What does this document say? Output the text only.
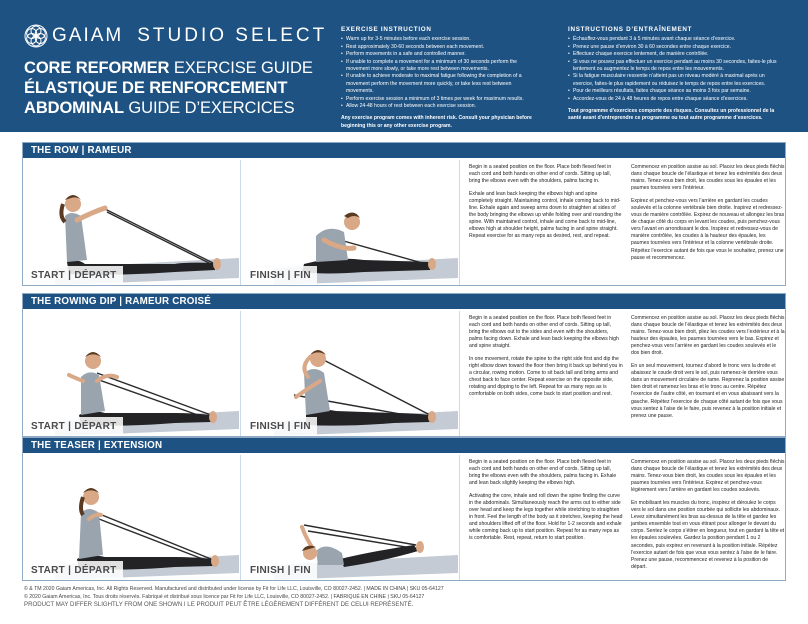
GAIAM STUDIO SELECT
CORE REFORMER EXERCISE GUIDE
ÉLASTIQUE DE RENFORCEMENT
ABDOMINAL GUIDE D’EXERCICES
EXERCISE INSTRUCTION
• Warm up for 3-5 minutes before each exercise session.
• Rest approximately 30-60 seconds between each movement.
• Perform movements in a safe and controlled manner.
• If unable to complete a movement for a minimum of 30 seconds perform the movement more slowly, or take more rest between movements.
• If unable to achieve moderate to maximal fatigue following the completion of a movement perform the movement more quickly, or take less rest between movements.
• Perform exercise session a minimum of 3 times per week for maximum results.
• Allow 24-48 hours of rest between each exercise session.
Any exercise program comes with inherent risk. Consult your physician before beginning this or any other exercise program.
INSTRUCTIONS D’ENTRAÎNEMENT
• Échauffez-vous pendant 3 à 5 minutes avant chaque séance d’exercice.
• Prenez une pause d’environ 30 à 60 secondes entre chaque exercice.
• Effectuez chaque exercice lentement, de manière contrôlée.
• Si vous ne pouvez pas effectuer un exercice pendant au moins 30 secondes, faites-le plus lentement ou augmentez le temps de repos entre les mouvements.
• Si la fatigue musculaire ressentie n’atteint pas un niveau modéré à maximal après un exercice, faites-le plus rapidement ou réduisez le temps de repos entre les exercices.
• Pour de meilleurs résultats, faites chaque séance au moins 3 fois par semaine.
• Accordez-vous de 24 à 48 heures de repos entre chaque séance d’exercices.
Tout programme d’exercices comporte des risques. Consultez un professionnel de la santé avant d’entreprendre ce programme ou tout autre programme d’exercices.
THE ROW | RAMEUR
START | DÉPART	FINISH | FIN

Begin in a seated position on the floor. Place both flexed feet in each cord and both hands on other end of cords. Sitting up tall, bring the elbows even with the shoulders, palms facing in.

Exhale and lean back keeping the elbows high and spine completely straight. Maintaining control, inhale coming back to mid-line. Exhale again and sweep arms down to straighten at sides of the body bringing the elbows up while folding over and rounding the spine. With maintained control, inhale and come back to mid-line, elbows high at shoulder height, palms facing in and spine straight. Repeat exercise for as many reps as desired, rest, and repeat.

Commencez en position assise au sol. Placez les deux pieds fléchis dans chaque boucle de l’élastique et tenez les extrémités des deux mains. Tenez-vous bien droit, les coudes sous les épaules et les paumes tournées vers l’intérieur.

Expirez et penchez-vous vers l’arrière en gardant les coudes soulevés et la colonne vertébrale bien droite. Inspirez et redressez-vous de manière contrôlée. Expirez de nouveau et allongez les bras de chaque côté du corps en levant les coudes, puis penchez-vous vers l’avant en arrondissant le dos. Inspirez et redressez-vous de manière contrôlée, les coudes à la hauteur des épaules, les paumes tournées vers l’intérieur et la colonne vertébrale droite. Répétez l’exercice autant de fois que vous le souhaitez, prenez une pause et recommencez.

THE ROWING DIP | RAMEUR CROISÉ
START | DÉPART	FINISH | FIN

Begin in a seated position on the floor. Place both flexed feet in each cord and both hands on other end of cords. Sitting up tall, bring the elbows out to the sides and even with the shoulders, palms facing down. Exhale and lean back keeping the elbows high and spine straight.

In one movement, rotate the spine to the right side first and dip the right elbow down toward the floor then bring it back up behind you in a circular, rowing motion. Come to sit back tall and bring arms and chest back to face center. Repeat exercise on the opposite side, rotating and dipping to the left. Repeat for as many reps as is comfortable on both sides, come back to start position and rest.

Commencez en position assise au sol. Placez les deux pieds fléchis dans chaque boucle de l’élastique et tenez les extrémités des deux mains. Tenez-vous bien droit, pliez les coudes vers l’extérieur et à la hauteur des épaules, les paumes tournées vers le bas. Expirez et penchez-vous vers l’arrière en gardant les coudes soulevés et le dos bien droit.

En un seul mouvement, tournez d’abord le tronc vers la droite et abaissez le coude droit vers le sol, puis ramenez-le derrière vous dans un mouvement circulaire de rame. Reprenez la position assise bien droit et ramenez les bras et le tronc au centre. Répétez l’exercice de l’autre côté, en tournant et en vous abaissant vers la gauche. Répétez l’exercice de chaque côté autant de fois que vous vous sentez à l’aise de le faire, puis revenez à la position initiale et prenez une pause.

THE TEASER | EXTENSION
START | DÉPART	FINISH | FIN

Begin in a seated position on the floor. Place both flexed feet in each cord and both hands on other end of cords. Sitting up tall, bring the elbows even with the shoulders, palms facing in. Exhale and lean back slightly keeping the elbows high.

Activating the core, inhale and roll down the spine finding the curve in the abdominals. Simultaneously reach the arms out to either side over head and keep the legs together while stretching to straighten in front. Feel the length of the body as it stretches, keeping the head and shoulders lifted off of the floor. Hold for 1-2 seconds and exhale while coming back up to start position. Repeat for as many reps as is comfortable. Rest, repeat, return to start position.

Commencez en position assise au sol. Placez les deux pieds fléchis dans chaque boucle de l’élastique et tenez les extrémités des deux mains. Tenez-vous bien droit, les coudes sous les épaules et les paumes tournées vers l’intérieur. Expirez et penchez-vous légèrement vers l’arrière en gardant les coudes soulevés.

En mobilisant les muscles du tronc, inspirez et déroulez le corps vers le sol dans une position courbée qui sollicite les abdominaux. Levez simultanément les bras au-dessus de la tête et gardez les jambes ensemble tout en vous étirant pour allonger le devant du corps. Sentez le corps s’étirer en longueur, tout en gardant la tête et les épaules soulevées. Gardez la position pendant 1 ou 2 secondes, puis expirez en revenant à la position initiale. Répétez l’exercice autant de fois que vous vous sentez à l’aise de le faire. Prenez une pause, recommencez et revenez à la position de départ.

© & TM 2020 Gaiam Americas, Inc. All Rights Reserved. Manufactured and distributed under license by Fit for Life LLC, Louisville, CO 80027-2452. | MADE IN CHINA | SKU 05-64127
© 2020 Gaiam Americas, Inc. Tous droits réservés. Fabriqué et distribué sous licence par Fit for Life LLC, Louisville, CO 80027-2452. | FABRIQUÉ EN CHINE | SKU 05-64127
PRODUCT MAY DIFFER SLIGHTLY FROM ONE SHOWN I LE PRODUIT PEUT ÊTRE LÉGÈREMENT DIFFÉRENT DE CELUI REPRÉSENTÉ.
